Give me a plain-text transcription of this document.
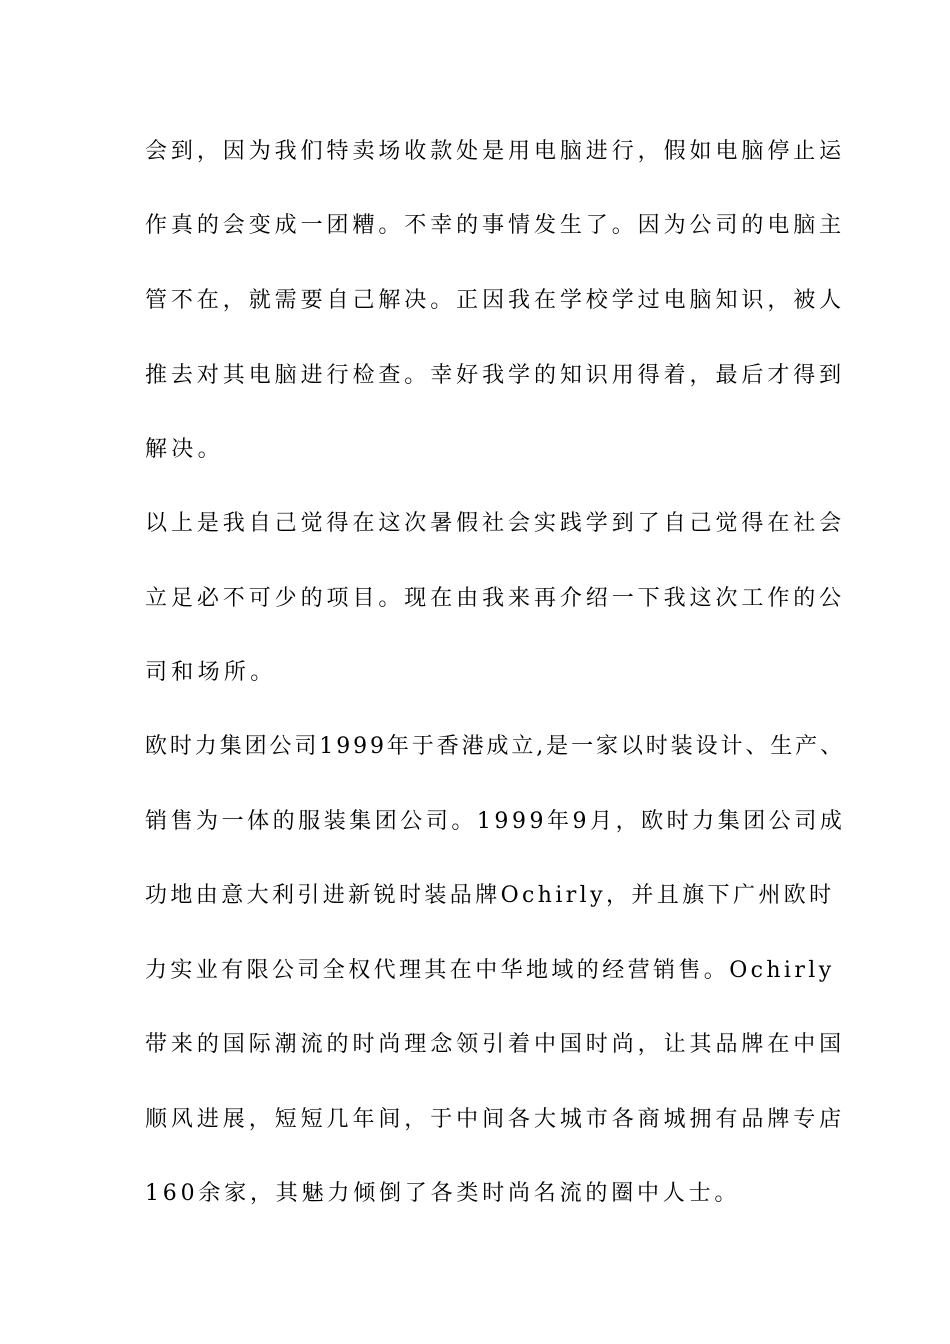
会到，因为我们特卖场收款处是用电脑进行，假如电脑停止运
作真的会变成一团糟。不幸的事情发生了。因为公司的电脑主
管不在，就需要自己解决。正因我在学校学过电脑知识，被人
推去对其电脑进行检查。幸好我学的知识用得着，最后才得到
解决。
以上是我自己觉得在这次暑假社会实践学到了自己觉得在社会
立足必不可少的项目。现在由我来再介绍一下我这次工作的公
司和场所。
欧时力集团公司1999年于香港成立,是一家以时装设计、生产、
销售为一体的服装集团公司。1999年9月，欧时力集团公司成
功地由意大利引进新锐时装品牌Ochirly，并且旗下广州欧时
力实业有限公司全权代理其在中华地域的经营销售。Ochirly
带来的国际潮流的时尚理念领引着中国时尚，让其品牌在中国
顺风进展，短短几年间，于中间各大城市各商城拥有品牌专店
160余家，其魅力倾倒了各类时尚名流的圈中人士。
